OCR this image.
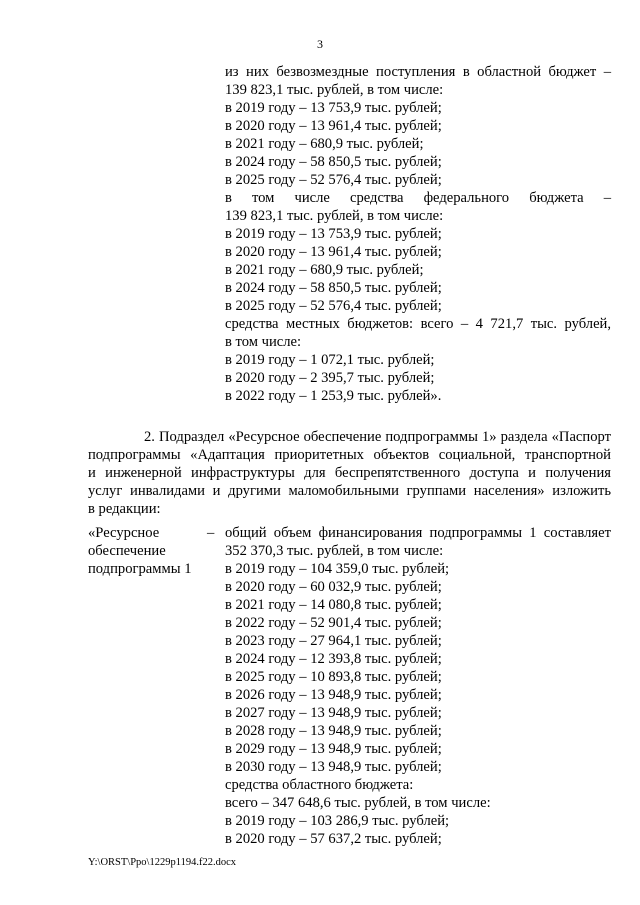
3
из них безвозмездные поступления в областной бюджет –
139 823,1 тыс. рублей, в том числе:
в 2019 году – 13 753,9 тыс. рублей;
в 2020 году – 13 961,4 тыс. рублей;
в 2021 году – 680,9 тыс. рублей;
в 2024 году – 58 850,5 тыс. рублей;
в 2025 году – 52 576,4 тыс. рублей;
в том числе средства федерального бюджета –
139 823,1 тыс. рублей, в том числе:
в 2019 году – 13 753,9 тыс. рублей;
в 2020 году – 13 961,4 тыс. рублей;
в 2021 году – 680,9 тыс. рублей;
в 2024 году – 58 850,5 тыс. рублей;
в 2025 году – 52 576,4 тыс. рублей;
средства местных бюджетов: всего – 4 721,7 тыс. рублей,
в том числе:
в 2019 году – 1 072,1 тыс. рублей;
в 2020 году – 2 395,7 тыс. рублей;
в 2022 году – 1 253,9 тыс. рублей».
2. Подраздел «Ресурсное обеспечение подпрограммы 1» раздела «Паспорт
подпрограммы «Адаптация приоритетных объектов социальной, транспортной
и инженерной инфраструктуры для беспрепятственного доступа и получения
услуг инвалидами и другими маломобильными группами населения» изложить
в редакции:
«Ресурсное
обеспечение
подпрограммы 1
– общий объем финансирования подпрограммы 1 составляет
352 370,3 тыс. рублей, в том числе:
в 2019 году – 104 359,0 тыс. рублей;
в 2020 году – 60 032,9 тыс. рублей;
в 2021 году – 14 080,8 тыс. рублей;
в 2022 году – 52 901,4 тыс. рублей;
в 2023 году – 27 964,1 тыс. рублей;
в 2024 году – 12 393,8 тыс. рублей;
в 2025 году – 10 893,8 тыс. рублей;
в 2026 году – 13 948,9 тыс. рублей;
в 2027 году – 13 948,9 тыс. рублей;
в 2028 году – 13 948,9 тыс. рублей;
в 2029 году – 13 948,9 тыс. рублей;
в 2030 году – 13 948,9 тыс. рублей;
средства областного бюджета:
всего – 347 648,6 тыс. рублей, в том числе:
в 2019 году – 103 286,9 тыс. рублей;
в 2020 году – 57 637,2 тыс. рублей;
Y:\ORST\Ppo\1229p1194.f22.docx
